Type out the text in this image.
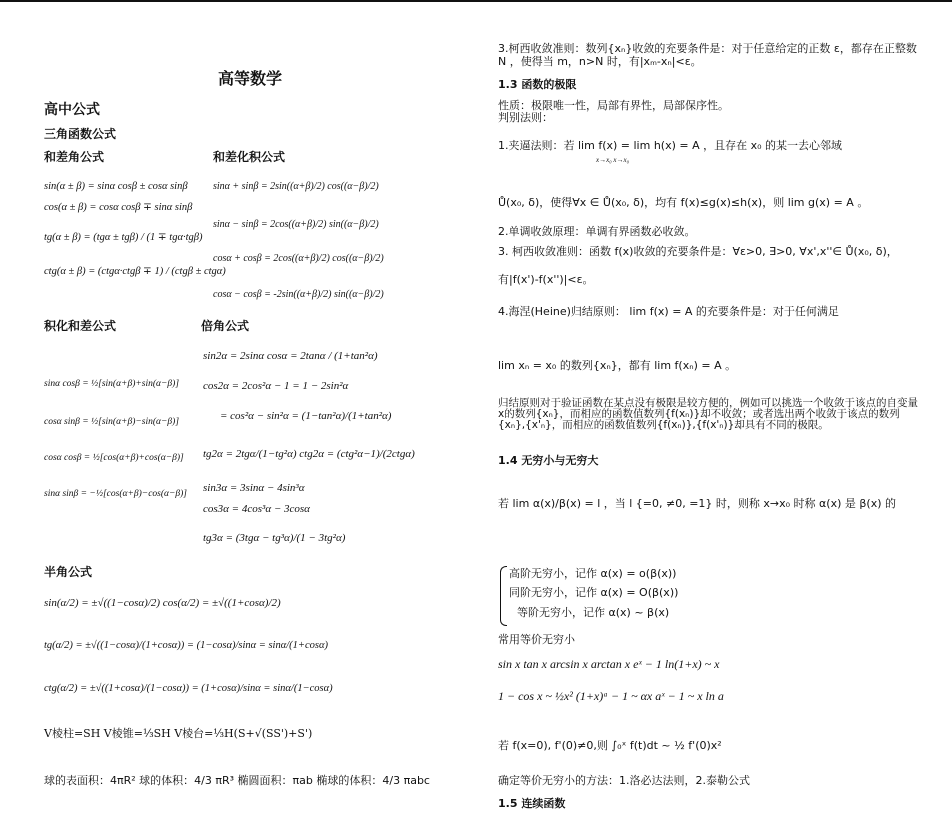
高等数学
高中公式
三角函数公式
和差角公式	和差化积公式
sin(α ± β) = sinα cosβ ± cosα sinβ
cos(α ± β) = cosα cosβ ∓ sinα sinβ
tg(α ± β) = (tgα ± tgβ) / (1 ∓ tgα·tgβ)
ctg(α ± β) = (ctgα·ctgβ ∓ 1) / (ctgβ ± ctgα)
sinα + sinβ = 2sin((α+β)/2) cos((α−β)/2)
sinα − sinβ = 2cos((α+β)/2) sin((α−β)/2)
cosα + cosβ = 2cos((α+β)/2) cos((α−β)/2)
cosα − cosβ = -2sin((α+β)/2) sin((α−β)/2)
积化和差公式	倍角公式
sinα cosβ = ½[sin(α+β)+sin(α−β)]
cosα sinβ = ½[sin(α+β)−sin(α−β)]
cosα cosβ = ½[cos(α+β)+cos(α−β)]
sinα sinβ = −½[cos(α+β)−cos(α−β)]
sin2α = 2sinα cosα = 2tanα / (1+tan²α)
cos2α = 2cos²α − 1 = 1 − 2sin²α
= cos²α − sin²α = (1−tan²α)/(1+tan²α)
tg2α = 2tgα/(1−tg²α) ctg2α = (ctg²α−1)/(2ctgα)
sin3α = 3sinα − 4sin³α
cos3α = 4cos³α − 3cosα
tg3α = (3tgα − tg³α)/(1 − 3tg²α)
半角公式
sin(α/2) = ±√((1−cosα)/2) cos(α/2) = ±√((1+cosα)/2)
tg(α/2) = ±√((1−cosα)/(1+cosα)) = (1−cosα)/sinα = sinα/(1+cosα)
ctg(α/2) = ±√((1+cosα)/(1−cosα)) = (1+cosα)/sinα = sinα/(1−cosα)
V棱柱=SH V棱锥=⅓SH V棱台=⅓H(S+√(SS')+S')
球的表面积：4πR² 球的体积：4/3 πR³ 椭圆面积：πab 椭球的体积：4/3 πabc
3.柯西收敛准则：数列{xₙ}收敛的充要条件是：对于任意给定的正数 ε，都存在正整数N ，使得当 m，n>N 时，有|xₘ-xₙ|<ε。
1.3 函数的极限
性质：极限唯一性，局部有界性，局部保序性。
判别法则：
1.夹逼法则：若 lim f(x) = lim h(x) = A ，且存在 x₀ 的某一去心邻域
x→x₀ x→x₀
Ů(x₀, δ)，使得∀x ∈ Ů(x₀, δ)，均有 f(x)≤g(x)≤h(x)，则 lim g(x) = A 。
2.单调收敛原理：单调有界函数必收敛。
3. 柯西收敛准则：函数 f(x)收敛的充要条件是：∀ε>0, ∃>0, ∀x',x''∈ Ů(x₀, δ)，
有|f(x')-f(x'')|<ε。
4.海涅(Heine)归结原则： lim f(x) = A 的充要条件是：对于任何满足
lim xₙ = x₀ 的数列{xₙ}，都有 lim f(xₙ) = A 。
归结原则对于验证函数在某点没有极限是较方便的，例如可以挑选一个收敛于该点的自变量x的数列{xₙ}，而相应的函数值数列{f(xₙ)}却不收敛；或者选出两个收敛于该点的数列{xₙ},{x'ₙ}，而相应的函数值数列{f(xₙ)},{f(x'ₙ)}却具有不同的极限。
1.4 无穷小与无穷大
若 lim α(x)/β(x) = l ，当 l {=0, ≠0, =1} 时，则称 x→x₀ 时称 α(x) 是 β(x) 的
高阶无穷小，记作 α(x) = o(β(x))
同阶无穷小，记作 α(x) = O(β(x))
等阶无穷小，记作 α(x) ~ β(x)
常用等价无穷小
sin x tan x arcsin x arctan x eˣ − 1 ln(1+x) ~ x
1 − cos x ~ ½x² (1+x)ᵃ − 1 ~ αx aˣ − 1 ~ x ln a
若 f(x=0), f'(0)≠0,则 ∫₀ˣ f(t)dt ~ ½ f'(0)x²
确定等价无穷小的方法：1.洛必达法则，2.泰勒公式
1.5 连续函数
